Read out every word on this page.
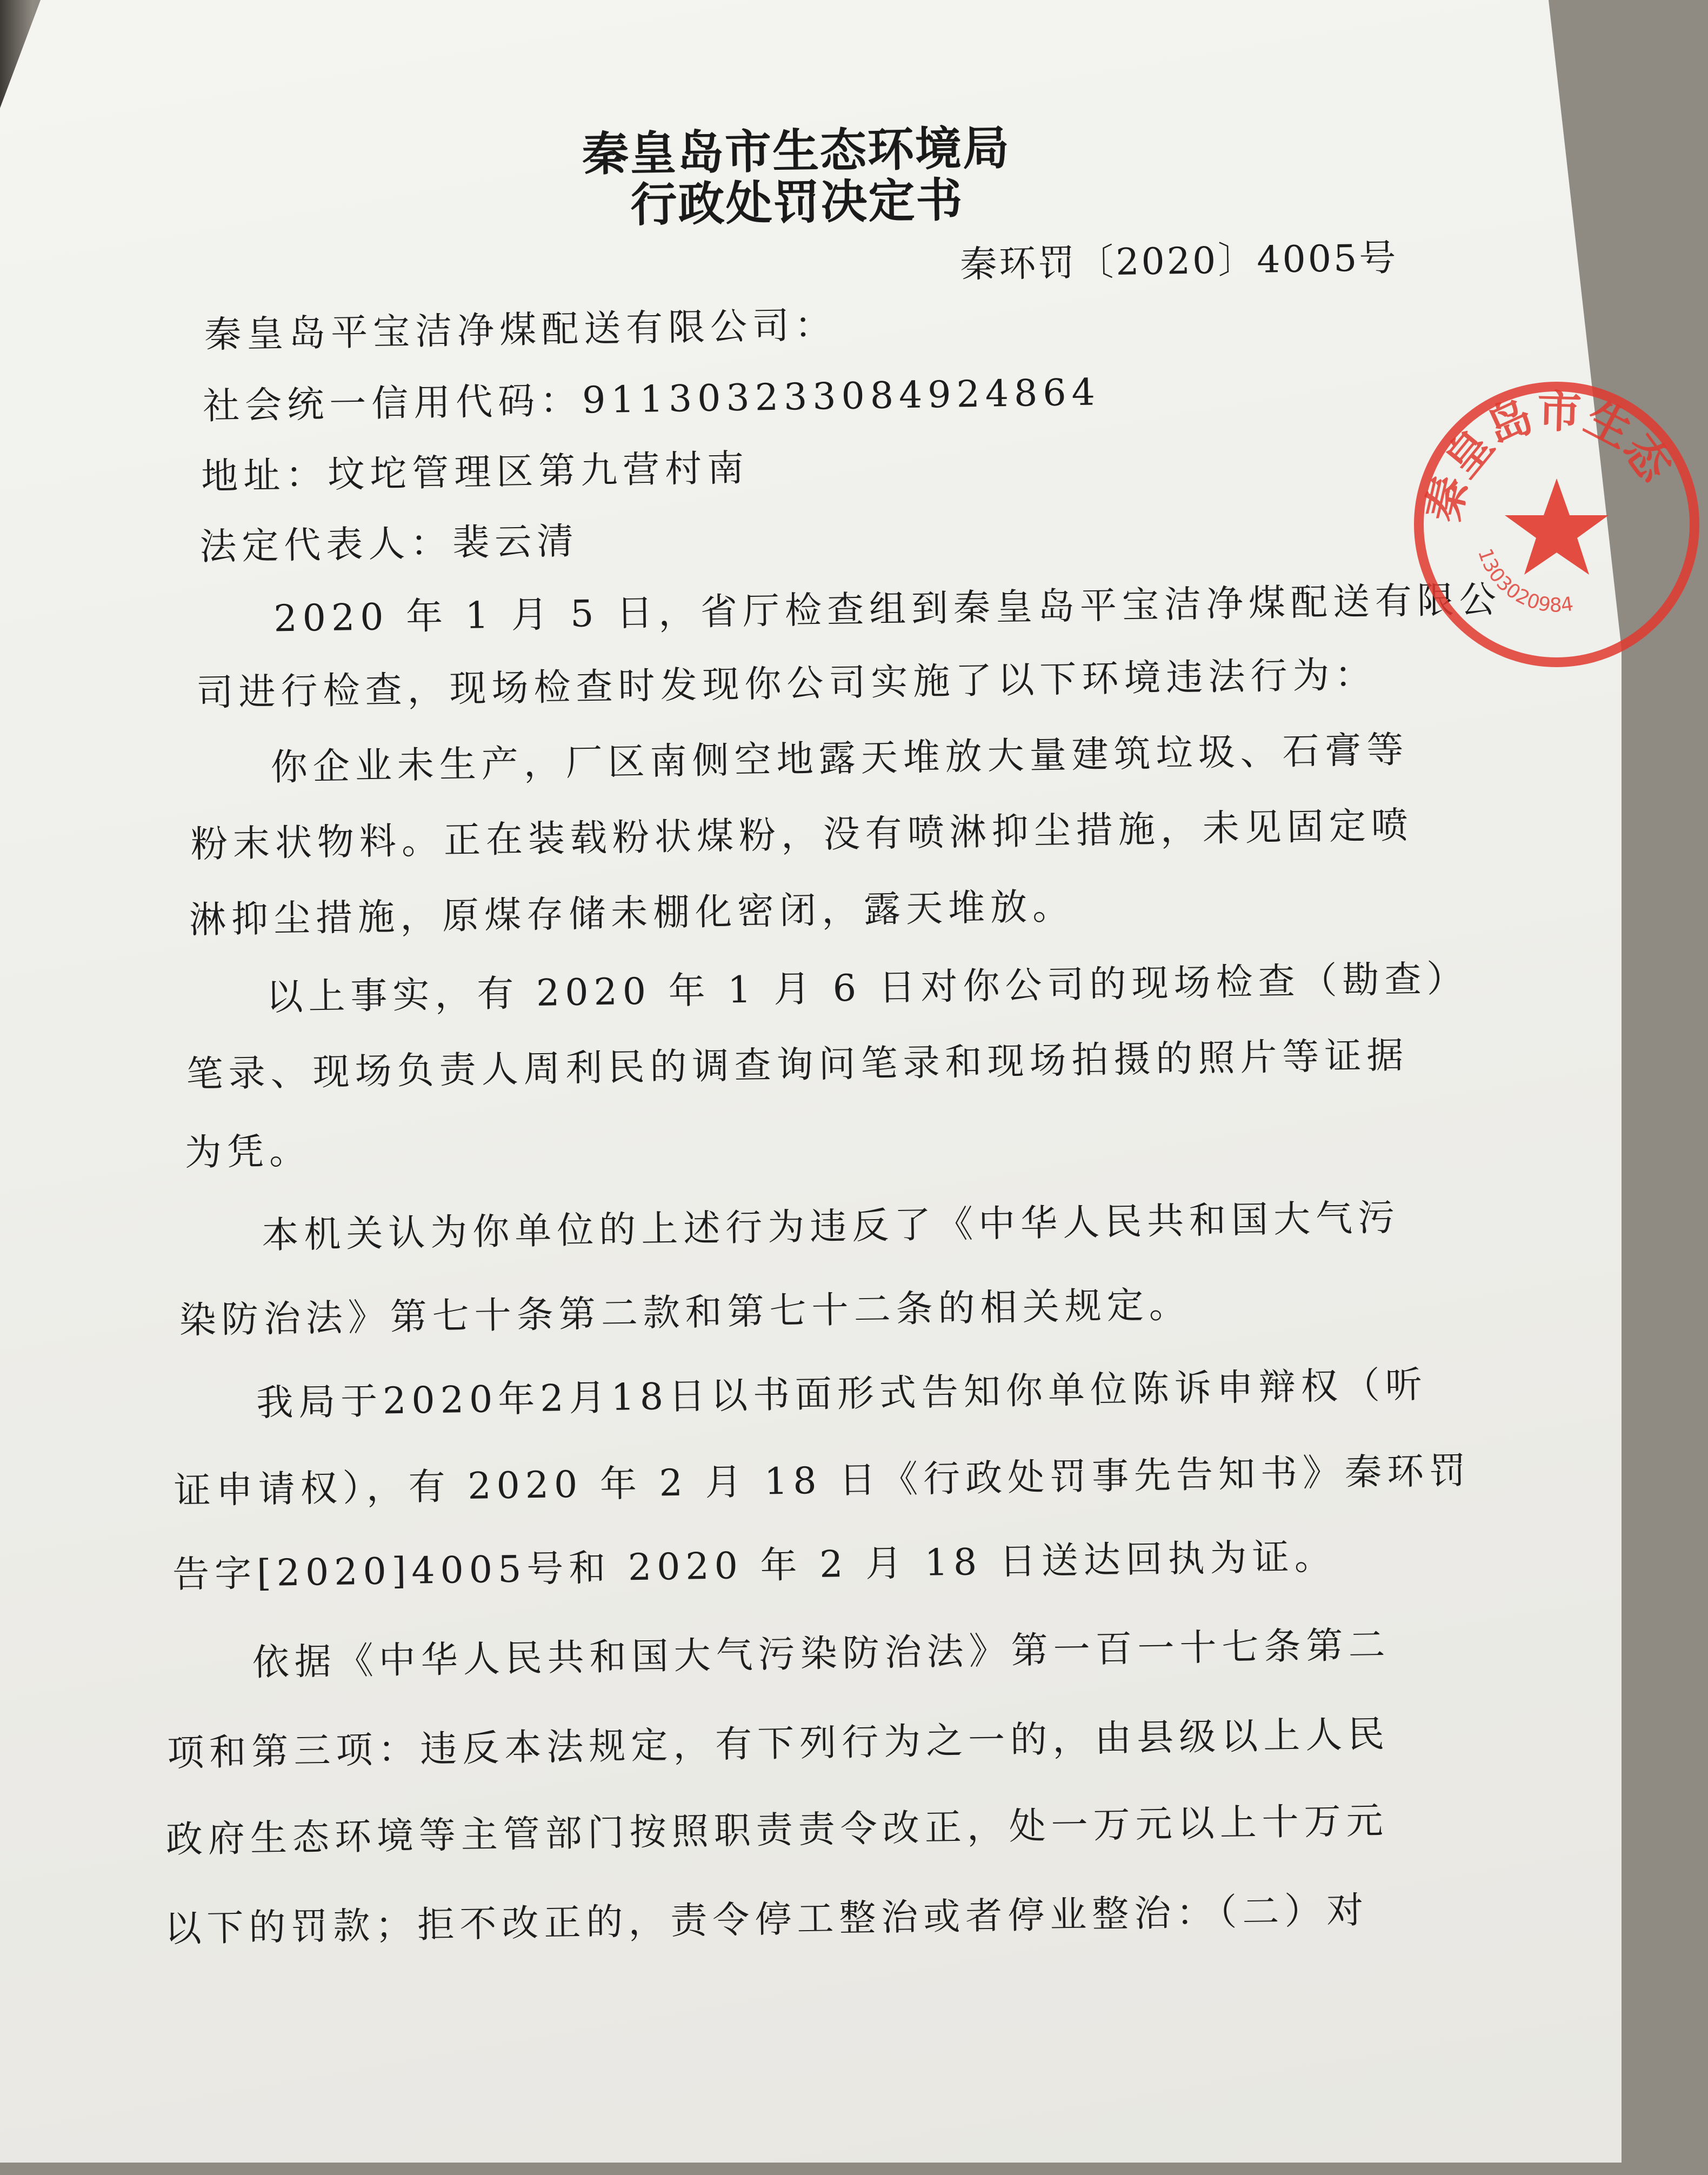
秦皇岛市生态环境局
行政处罚决定书
秦环罚〔2020〕4005号
秦皇岛平宝洁净煤配送有限公司：
社会统一信用代码：911303233084924864
地址：坟坨管理区第九营村南
法定代表人：裴云清
2020 年 1 月 5 日，省厅检查组到秦皇岛平宝洁净煤配送有限公
司进行检查，现场检查时发现你公司实施了以下环境违法行为：
你企业未生产，厂区南侧空地露天堆放大量建筑垃圾、石膏等
粉末状物料。正在装载粉状煤粉，没有喷淋抑尘措施，未见固定喷
淋抑尘措施，原煤存储未棚化密闭，露天堆放。
以上事实，有 2020 年 1 月 6 日对你公司的现场检查（勘查）
笔录、现场负责人周利民的调查询问笔录和现场拍摄的照片等证据
为凭。
本机关认为你单位的上述行为违反了《中华人民共和国大气污
染防治法》第七十条第二款和第七十二条的相关规定。
我局于2020年2月18日以书面形式告知你单位陈诉申辩权（听
证申请权），有 2020 年 2 月 18 日《行政处罚事先告知书》秦环罚
告字[2020]4005号和 2020 年 2 月 18 日送达回执为证。
依据《中华人民共和国大气污染防治法》第一百一十七条第二
项和第三项：违反本法规定，有下列行为之一的，由县级以上人民
政府生态环境等主管部门按照职责责令改正，处一万元以上十万元
以下的罚款；拒不改正的，责令停工整治或者停业整治：（二）对
秦皇岛市生态
1303020984
